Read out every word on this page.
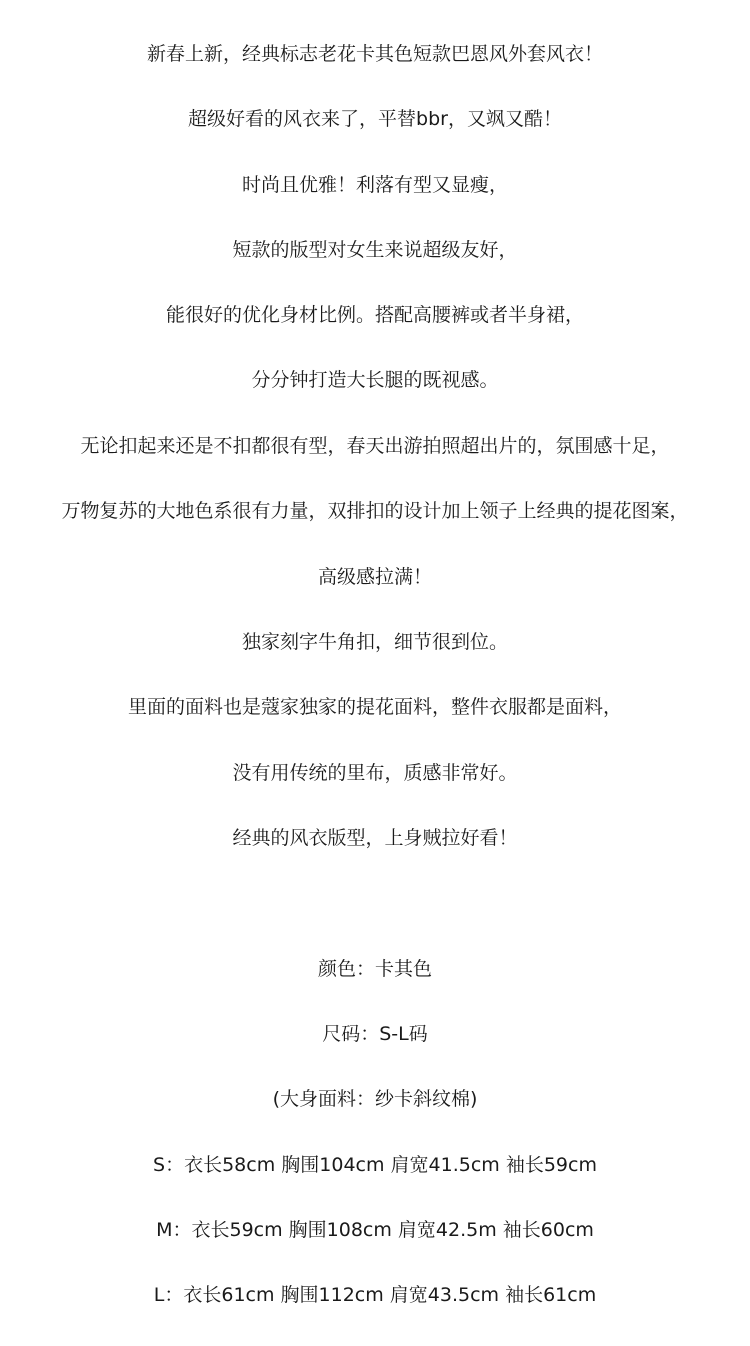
新春上新，经典标志老花卡其色短款巴恩风外套风衣！
超级好看的风衣来了，平替bbr，又飒又酷！
时尚且优雅！利落有型又显瘦，
短款的版型对女生来说超级友好，
能很好的优化身材比例。搭配高腰裤或者半身裙，
分分钟打造大长腿的既视感。
无论扣起来还是不扣都很有型，春天出游拍照超出片的，氛围感十足，
万物复苏的大地色系很有力量，双排扣的设计加上领子上经典的提花图案，
高级感拉满！
独家刻字牛角扣，细节很到位。
里面的面料也是蔻家独家的提花面料，整件衣服都是面料，
没有用传统的里布，质感非常好。
经典的风衣版型，上身贼拉好看！
颜色：卡其色
尺码：S-L码
(大身面料：纱卡斜纹棉)
S：衣长58cm 胸围104cm 肩宽41.5cm 袖长59cm
M：衣长59cm 胸围108cm 肩宽42.5m 袖长60cm
L：衣长61cm 胸围112cm 肩宽43.5cm 袖长61cm
